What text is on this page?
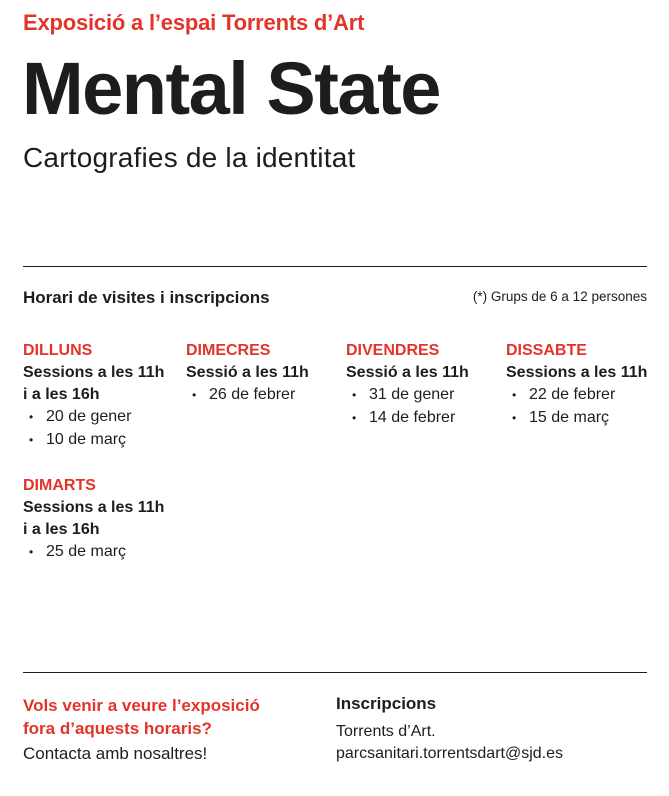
Exposició a l’espai Torrents d’Art
Mental State
Cartografies de la identitat
Horari de visites i inscripcions	(*) Grups de 6 a 12 persones
DILLUNS
Sessions a les 11h
i a les 16h
• 20 de gener
• 10 de març
DIMARTS
Sessions a les 11h
i a les 16h
• 25 de març
DIMECRES
Sessió a les 11h
• 26 de febrer
DIVENDRES
Sessió a les 11h
• 31 de gener
• 14 de febrer
DISSABTE
Sessions a les 11h
• 22 de febrer
• 15 de març
Vols venir a veure l’exposició
fora d’aquests horaris?
Contacta amb nosaltres!
Inscripcions
Torrents d’Art.
parcsanitari.torrentsdart@sjd.es
